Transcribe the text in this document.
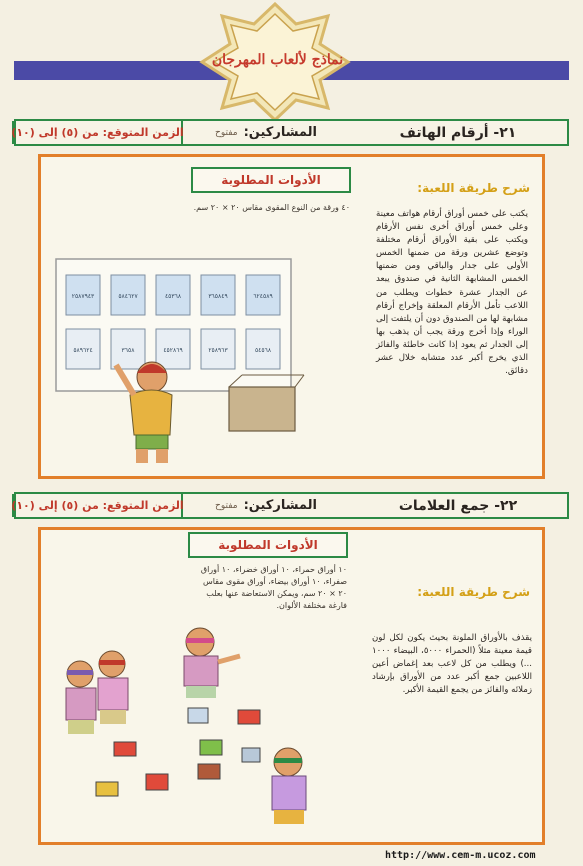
نماذج لألعاب المهرجان
٢١- أرقام الهاتف
المشاركين:
مفتوح
الزمن المتوقع: من (٥) إلى (١٠)
الأدوات المطلوبة
٤٠ ورقة من النوع المقوى مقاس ٢٠ × ٢٠ سم.
شرح طريقة اللعبة:
يكتب على خمس أوراق أرقام هواتف معينة وعلى خمس أوراق أخرى نفس الأرقام ويكتب على بقية الأوراق أرقام مختلفة وتوضع عشرين ورقة من ضمنها الخمس الأولى على جدار والباقي ومن ضمنها الخمس المشابهة الثانية في صندوق يبعد عن الجدار عشرة خطوات ويطلب من اللاعب تأمل الأرقام المعلقة وإخراج أرقام مشابهة لها من الصندوق دون أن يلتفت إلى الوراء وإذا أخرج ورقة يجب أن يذهب بها إلى الجدار ثم يعود إذا كانت خاطئة والفائز الذي يخرج أكبر عدد متشابه خلال عشر دقائق.
٢٥٨٧٩٤٣	٥٨٤٦٢٧	٤٥٣٦٨	٣٦٥٨٤٩	٦٢٤٥٨٩
٥٨٩٦٢٤	٣٦٥٨	٤٥٢٨٦٩	٢٥٨٩٦٣	٥٤٥٦٨
٢٢- جمع العلامات
المشاركين:
مفتوح
الزمن المتوقع: من (٥) إلى (١٠)
الأدوات المطلوبة
١٠ أوراق حمراء، ١٠ أوراق خضراء، ١٠ أوراق صفراء، ١٠ أوراق بيضاء، أوراق مقوى مقاس ٢٠ × ٢٠ سم، ويمكن الاستعاضة عنها بعلب فارغة مختلفة الألوان.
شرح طريقة اللعبة:
يقذف بالأوراق الملونة بحيث يكون لكل لون قيمة معينة مثلاً (الحمراء ٥٠٠٠، البيضاء ١٠٠٠ ...) ويطلب من كل لاعب بعد إغماض أعين اللاعبين جمع أكبر عدد من الأوراق بإرشاد زملائه والفائز من يجمع القيمة الأكبر.
http://www.cem-m.ucoz.com
